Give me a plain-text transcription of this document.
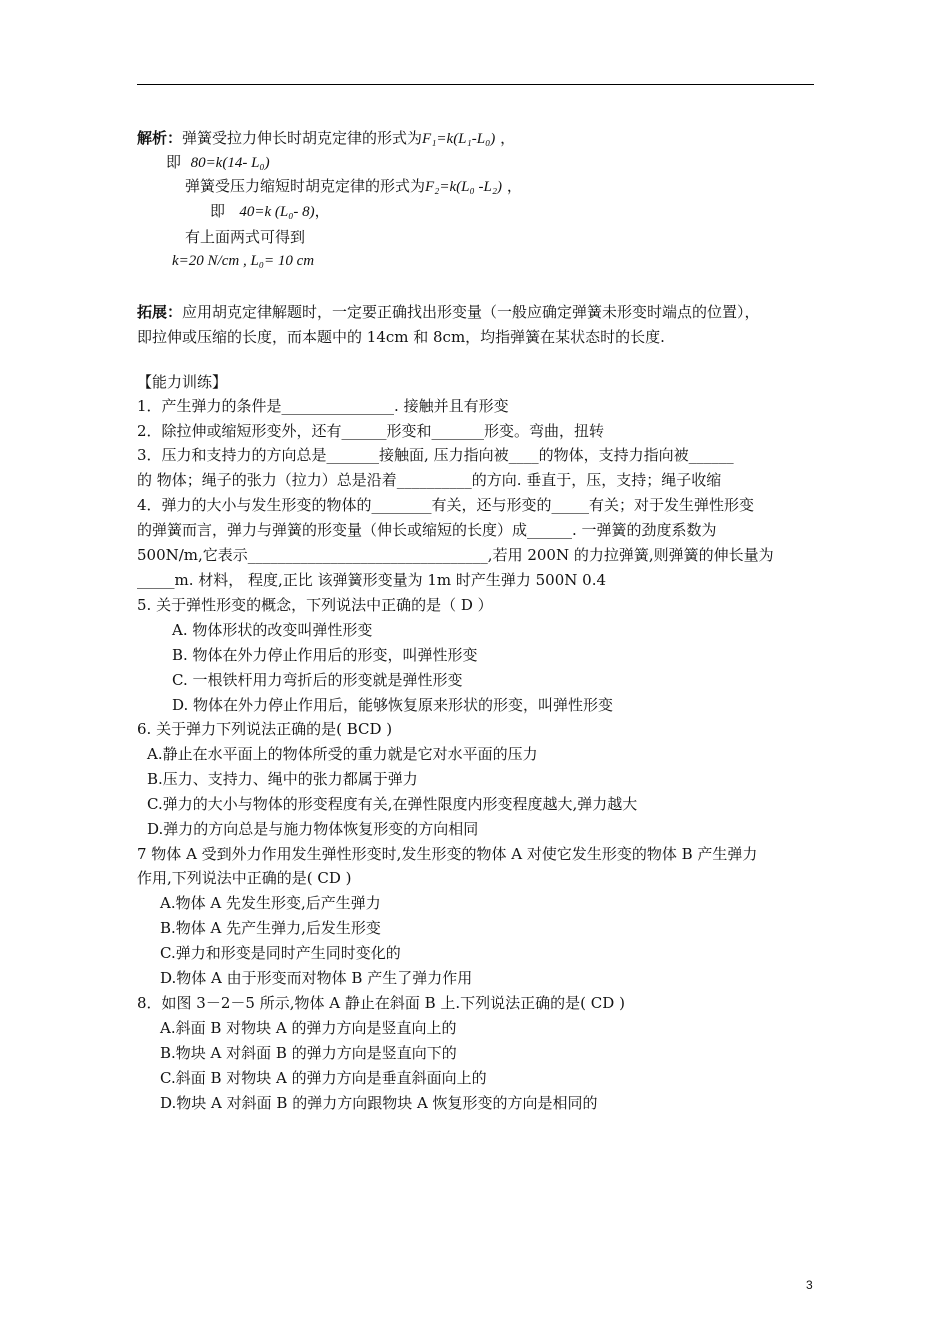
解析：弹簧受拉力伸长时胡克定律的形式为F₁=k(L₁-L₀) ，
即 80=k(14- L₀)
弹簧受压力缩短时胡克定律的形式为F₂=k(L₀ -L₂) ，
即 40=k (L₀- 8)，
有上面两式可得到
k=20 N/cm , L₀= 10 cm
拓展：应用胡克定律解题时，一定要正确找出形变量（一般应确定弹簧未形变时端点的位置），
即拉伸或压缩的长度，而本题中的 14cm 和 8cm，均指弹簧在某状态时的长度.
【能力训练】
1．产生弹力的条件是_______________. 接触并且有形变
2．除拉伸或缩短形变外，还有______形变和_______形变。弯曲，扭转
3．压力和支持力的方向总是_______接触面, 压力指向被____的物体，支持力指向被______
的 物体；绳子的张力（拉力）总是沿着__________的方向. 垂直于，压，支持；绳子收缩
4．弹力的大小与发生形变的物体的________有关，还与形变的_____有关；对于发生弹性形变
的弹簧而言，弹力与弹簧的形变量（伸长或缩短的长度）成______. 一弹簧的劲度系数为
500N/m,它表示________________________________,若用 200N 的力拉弹簧,则弹簧的伸长量为
_____m. 材料， 程度,正比 该弹簧形变量为 1m 时产生弹力 500N 0.4
5. 关于弹性形变的概念，下列说法中正确的是（ D ）
A. 物体形状的改变叫弹性形变
B. 物体在外力停止作用后的形变，叫弹性形变
C. 一根铁杆用力弯折后的形变就是弹性形变
D. 物体在外力停止作用后，能够恢复原来形状的形变，叫弹性形变
6. 关于弹力下列说法正确的是( BCD )
A.静止在水平面上的物体所受的重力就是它对水平面的压力
B.压力、支持力、绳中的张力都属于弹力
C.弹力的大小与物体的形变程度有关,在弹性限度内形变程度越大,弹力越大
D.弹力的方向总是与施力物体恢复形变的方向相同
7 物体 A 受到外力作用发生弹性形变时,发生形变的物体 A 对使它发生形变的物体 B 产生弹力
作用,下列说法中正确的是( CD )
A.物体 A 先发生形变,后产生弹力
B.物体 A 先产生弹力,后发生形变
C.弹力和形变是同时产生同时变化的
D.物体 A 由于形变而对物体 B 产生了弹力作用
8．如图 3－2－5 所示,物体 A 静止在斜面 B 上.下列说法正确的是( CD )
A.斜面 B 对物块 A 的弹力方向是竖直向上的
B.物块 A 对斜面 B 的弹力方向是竖直向下的
C.斜面 B 对物块 A 的弹力方向是垂直斜面向上的
D.物块 A 对斜面 B 的弹力方向跟物块 A 恢复形变的方向是相同的
3
